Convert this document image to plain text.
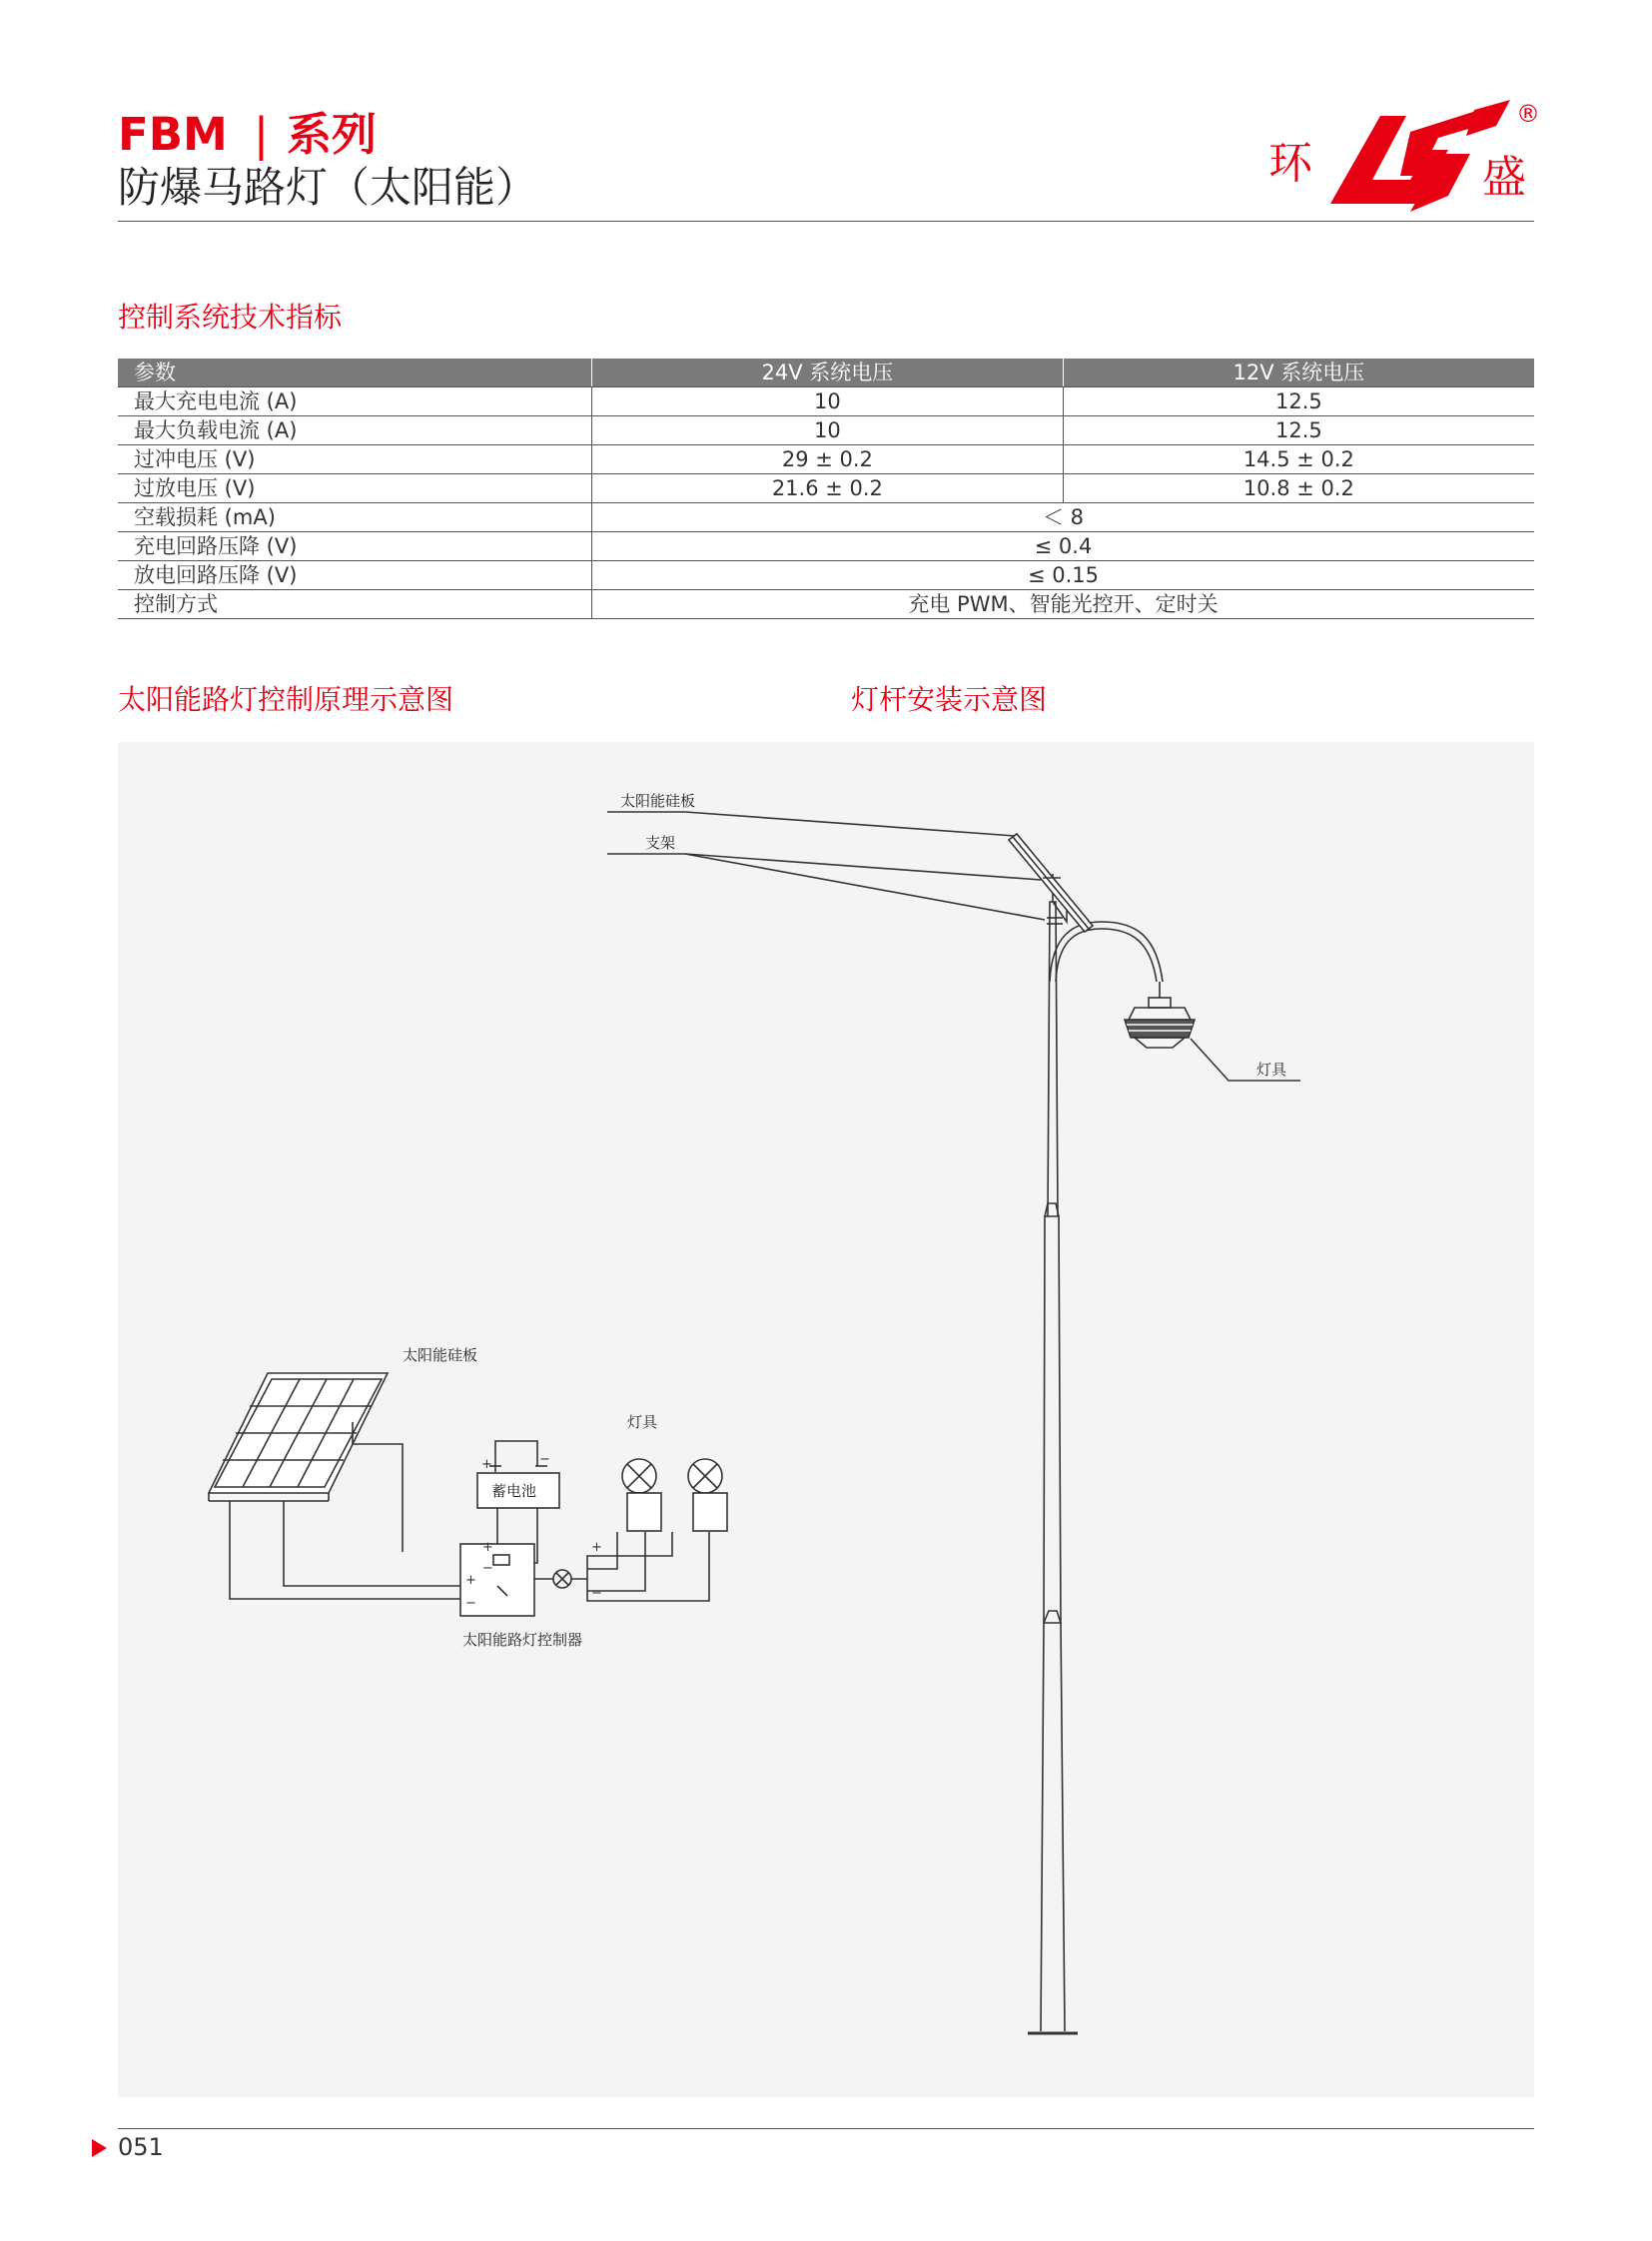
FBM | 系列
防爆马路灯（太阳能）	环	盛
®
控制系统技术指标
参数	24V 系统电压	12V 系统电压
最大充电电流 (A)	10	12.5
最大负载电流 (A)	10	12.5
过冲电压 (V)	29 ± 0.2	14.5 ± 0.2
过放电压 (V)	21.6 ± 0.2	10.8 ± 0.2
空载损耗 (mA)	＜ 8	
充电回路压降 (V)	≤ 0.4	
放电回路压降 (V)	≤ 0.15	
控制方式	充电 PWM、智能光控开、定时关	
太阳能路灯控制原理示意图	灯杆安装示意图
+	−
+
−
+
−
+
−
太阳能硅板
蓄电池
灯具
太阳能路灯控制器
太阳能硅板
支架
灯具
051
